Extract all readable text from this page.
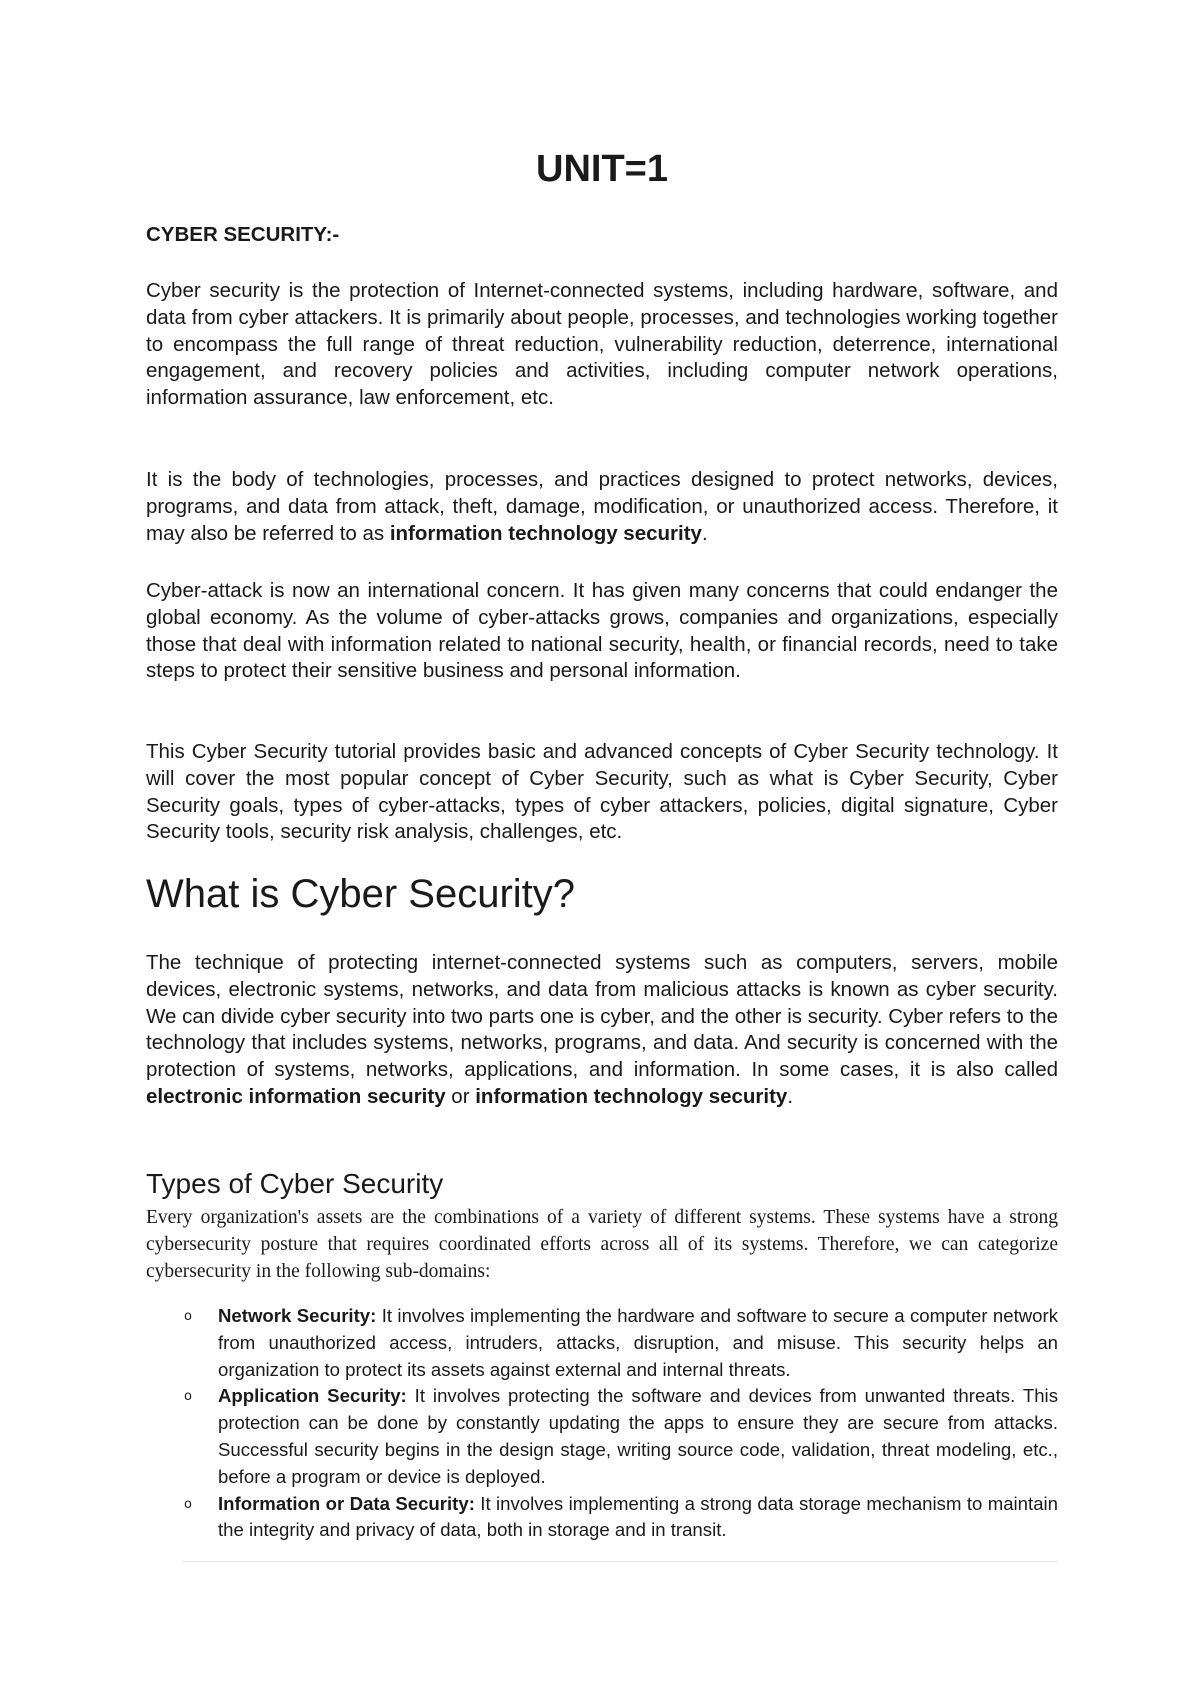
UNIT=1
CYBER SECURITY:-

Cyber security is the protection of Internet-connected systems, including hardware, software, and data from cyber attackers. It is primarily about people, processes, and technologies working together to encompass the full range of threat reduction, vulnerability reduction, deterrence, international engagement, and recovery policies and activities, including computer network operations, information assurance, law enforcement, etc.

It is the body of technologies, processes, and practices designed to protect networks, devices, programs, and data from attack, theft, damage, modification, or unauthorized access. Therefore, it may also be referred to as information technology security.

Cyber-attack is now an international concern. It has given many concerns that could endanger the global economy. As the volume of cyber-attacks grows, companies and organizations, especially those that deal with information related to national security, health, or financial records, need to take steps to protect their sensitive business and personal information.

This Cyber Security tutorial provides basic and advanced concepts of Cyber Security technology. It will cover the most popular concept of Cyber Security, such as what is Cyber Security, Cyber Security goals, types of cyber-attacks, types of cyber attackers, policies, digital signature, Cyber Security tools, security risk analysis, challenges, etc.

What is Cyber Security?

The technique of protecting internet-connected systems such as computers, servers, mobile devices, electronic systems, networks, and data from malicious attacks is known as cyber security. We can divide cyber security into two parts one is cyber, and the other is security. Cyber refers to the technology that includes systems, networks, programs, and data. And security is concerned with the protection of systems, networks, applications, and information. In some cases, it is also called electronic information security or information technology security.

Types of Cyber Security

Every organization's assets are the combinations of a variety of different systems. These systems have a strong cybersecurity posture that requires coordinated efforts across all of its systems. Therefore, we can categorize cybersecurity in the following sub-domains:

o Network Security: It involves implementing the hardware and software to secure a computer network from unauthorized access, intruders, attacks, disruption, and misuse. This security helps an organization to protect its assets against external and internal threats.
o Application Security: It involves protecting the software and devices from unwanted threats. This protection can be done by constantly updating the apps to ensure they are secure from attacks. Successful security begins in the design stage, writing source code, validation, threat modeling, etc., before a program or device is deployed.
o Information or Data Security: It involves implementing a strong data storage mechanism to maintain the integrity and privacy of data, both in storage and in transit.
